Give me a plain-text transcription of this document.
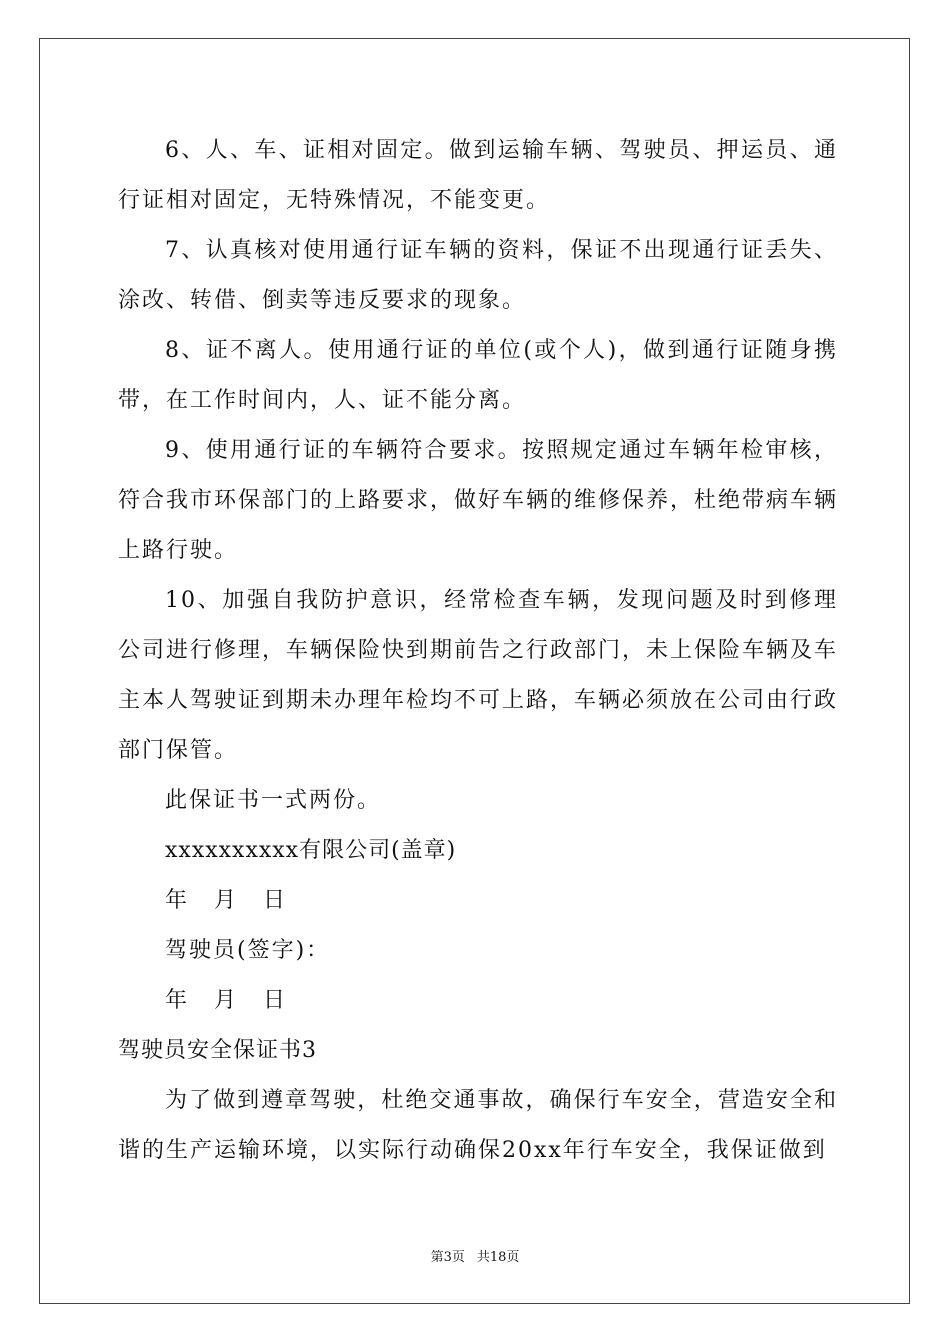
6、人、车、证相对固定。做到运输车辆、驾驶员、押运员、通行证相对固定，无特殊情况，不能变更。

7、认真核对使用通行证车辆的资料，保证不出现通行证丢失、涂改、转借、倒卖等违反要求的现象。

8、证不离人。使用通行证的单位(或个人)，做到通行证随身携带，在工作时间内，人、证不能分离。

9、使用通行证的车辆符合要求。按照规定通过车辆年检审核，符合我市环保部门的上路要求，做好车辆的维修保养，杜绝带病车辆上路行驶。

10、加强自我防护意识，经常检查车辆，发现问题及时到修理公司进行修理，车辆保险快到期前告之行政部门，未上保险车辆及车主本人驾驶证到期未办理年检均不可上路，车辆必须放在公司由行政部门保管。

此保证书一式两份。

xxxxxxxxxx有限公司(盖章)

年 月 日

驾驶员(签字)：

年 月 日

驾驶员安全保证书3

为了做到遵章驾驶，杜绝交通事故，确保行车安全，营造安全和谐的生产运输环境，以实际行动确保20xx年行车安全，我保证做到

第3页 共18页
